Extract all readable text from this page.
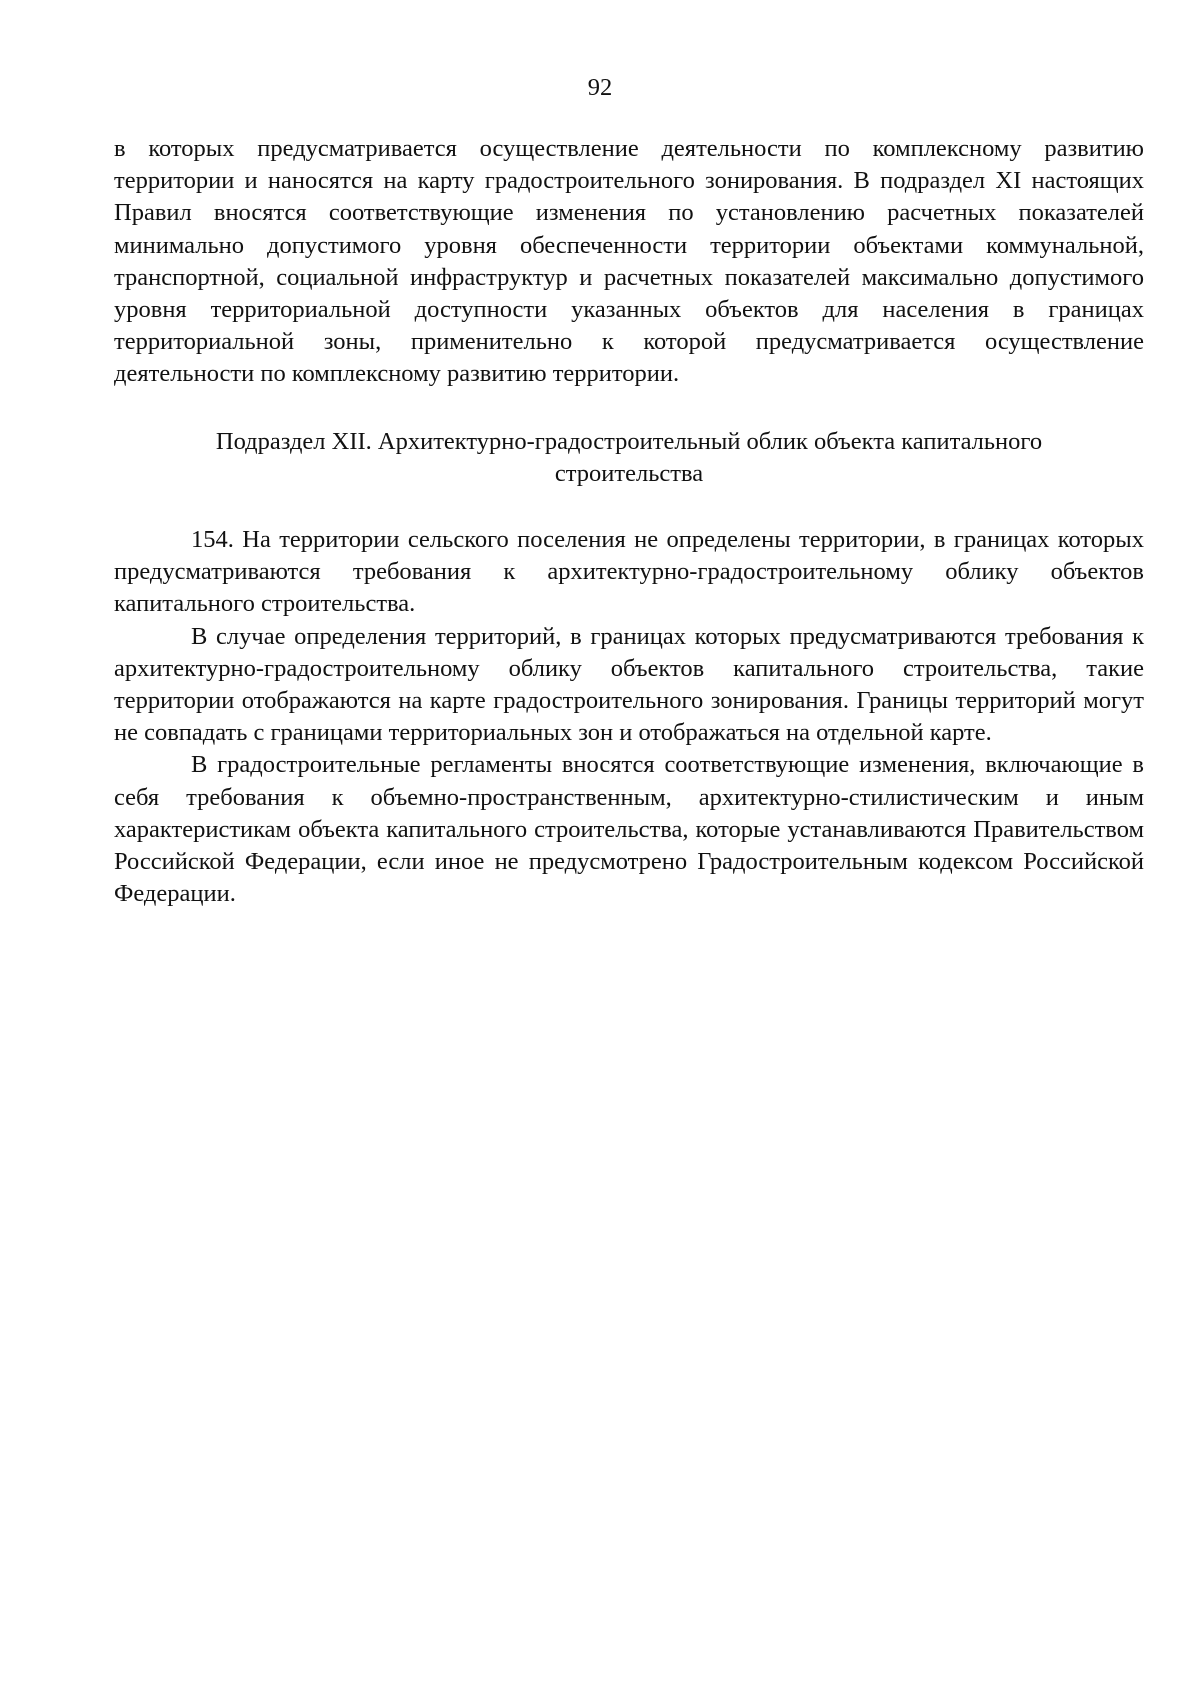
92

в которых предусматривается осуществление деятельности по комплексному развитию территории и наносятся на карту градостроительного зонирования. В подраздел XI настоящих Правил вносятся соответствующие изменения по установлению расчетных показателей минимально допустимого уровня обеспеченности территории объектами коммунальной, транспортной, социальной инфраструктур и расчетных показателей максимально допустимого уровня территориальной доступности указанных объектов для населения в границах территориальной зоны, применительно к которой предусматривается осуществление деятельности по комплексному развитию территории.

Подраздел XII. Архитектурно-градостроительный облик объекта капитального
строительства

154. На территории сельского поселения не определены территории, в границах которых предусматриваются требования к архитектурно-градостроительному облику объектов капитального строительства.

В случае определения территорий, в границах которых предусматриваются требования к архитектурно-градостроительному облику объектов капитального строительства, такие территории отображаются на карте градостроительного зонирования. Границы территорий могут не совпадать с границами территориальных зон и отображаться на отдельной карте.

В градостроительные регламенты вносятся соответствующие изменения, включающие в себя требования к объемно-пространственным, архитектурно-стилистическим и иным характеристикам объекта капитального строительства, которые устанавливаются Правительством Российской Федерации, если иное не предусмотрено Градостроительным кодексом Российской Федерации.
